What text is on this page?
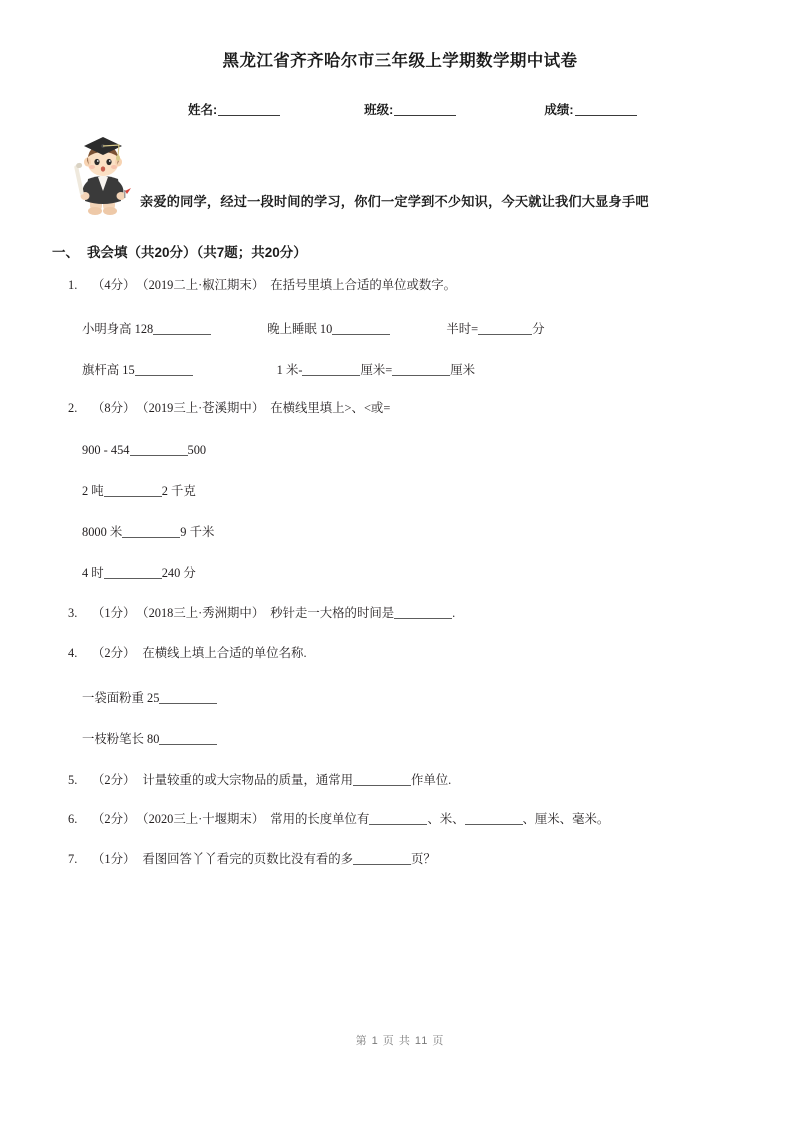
黑龙江省齐齐哈尔市三年级上学期数学期中试卷
姓名:	班级:	成绩:
亲爱的同学，经过一段时间的学习，你们一定学到不少知识，今天就让我们大显身手吧
一、 我会填（共20分）（共7题；共20分）
1. （4分） （2019二上·椒江期末） 在括号里填上合适的单位或数字。
小明身高 128	晚上睡眠 10	半时=	分
旗杆高 15	1 米-	厘米=	厘米
2. （8分） （2019三上·苍溪期中） 在横线里填上>、<或=
900 - 454	500
2 吨	2 千克
8000 米	9 千米
4 时	240 分
3. （1分） （2018三上·秀洲期中） 秒针走一大格的时间是	.
4. （2分） 在横线上填上合适的单位名称.
一袋面粉重 25
一枝粉笔长 80
5. （2分） 计量较重的或大宗物品的质量，通常用	作单位.
6. （2分） （2020三上·十堰期末） 常用的长度单位有	、米、	、厘米、毫米。
7. （1分） 看图回答丫丫看完的页数比没有看的多	页？
第 1 页 共 11 页
